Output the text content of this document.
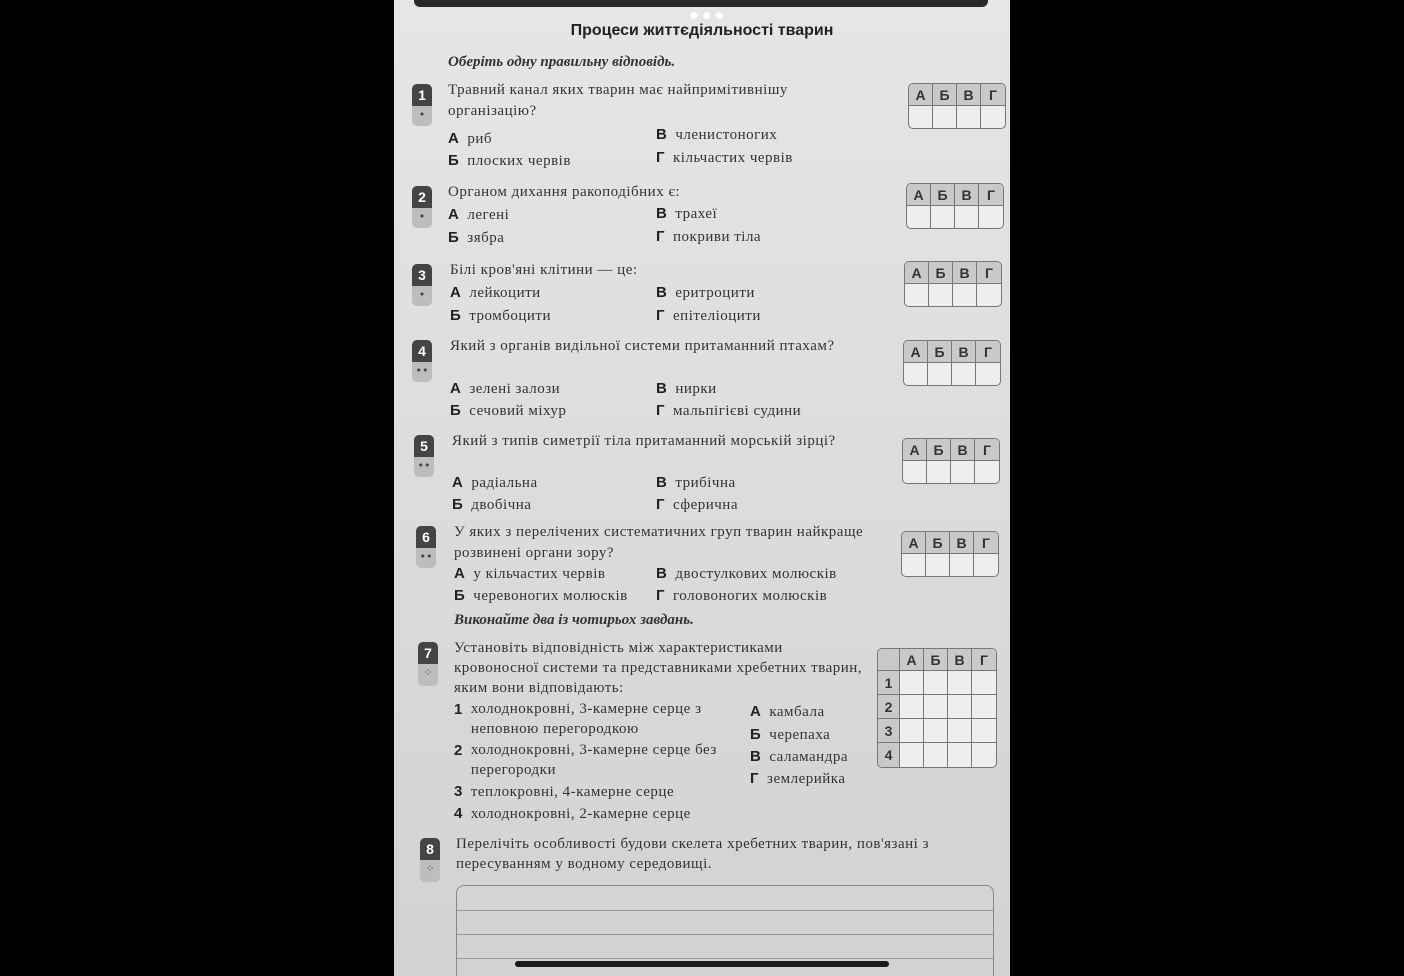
● ● ●
Процеси життєдіяльності тварин
Оберіть одну правильну відповідь.
1
•
Травний канал яких тварин має найпримітивнішу організацію?
А риб
Б плоских червів
В членистоногих
Г кільчастих червів
А Б В	Г
2
•
Органом дихання ракоподібних є:
А легені
Б зябра
В трахеї
Г покриви тіла
А Б В	Г
3
•
Білі кров'яні клітини — це:
А лейкоцити
Б тромбоцити
В еритроцити
Г епітеліоцити
А Б В	Г
4
••
Який з органів видільної системи притаманний птахам?
А зелені залози
Б сечовий міхур
В нирки
Г мальпігієві судини
А Б В	Г
5
••
Який з типів симетрії тіла притаманний морській зірці?
А радіальна
Б двобічна
В трибічна
Г сферична
А Б В	Г
6
••
У яких з перелічених систематичних груп тварин найкраще розвинені органи зору?
А у кільчастих червів
Б черевоногих молюсків
В двостулкових молюсків
Г головоногих молюсків
А Б В	Г
Виконайте два із чотирьох завдань.
7
⁘
Установіть відповідність між характеристиками кровоносної системи та представниками хребетних тварин, яким вони відповідають:
1 холоднокровні, 3-камерне серце з неповною перегородкою
2 холоднокровні, 3-камерне серце без перегородки
3 теплокровні, 4-камерне серце
4 холоднокровні, 2-камерне серце
А камбала
Б черепаха
В саламандра
Г землерийка
А Б В	Г
1
2
3
4
8
⁘
Перелічіть особливості будови скелета хребетних тварин, пов'язані з пересуванням у водному середовищі.
